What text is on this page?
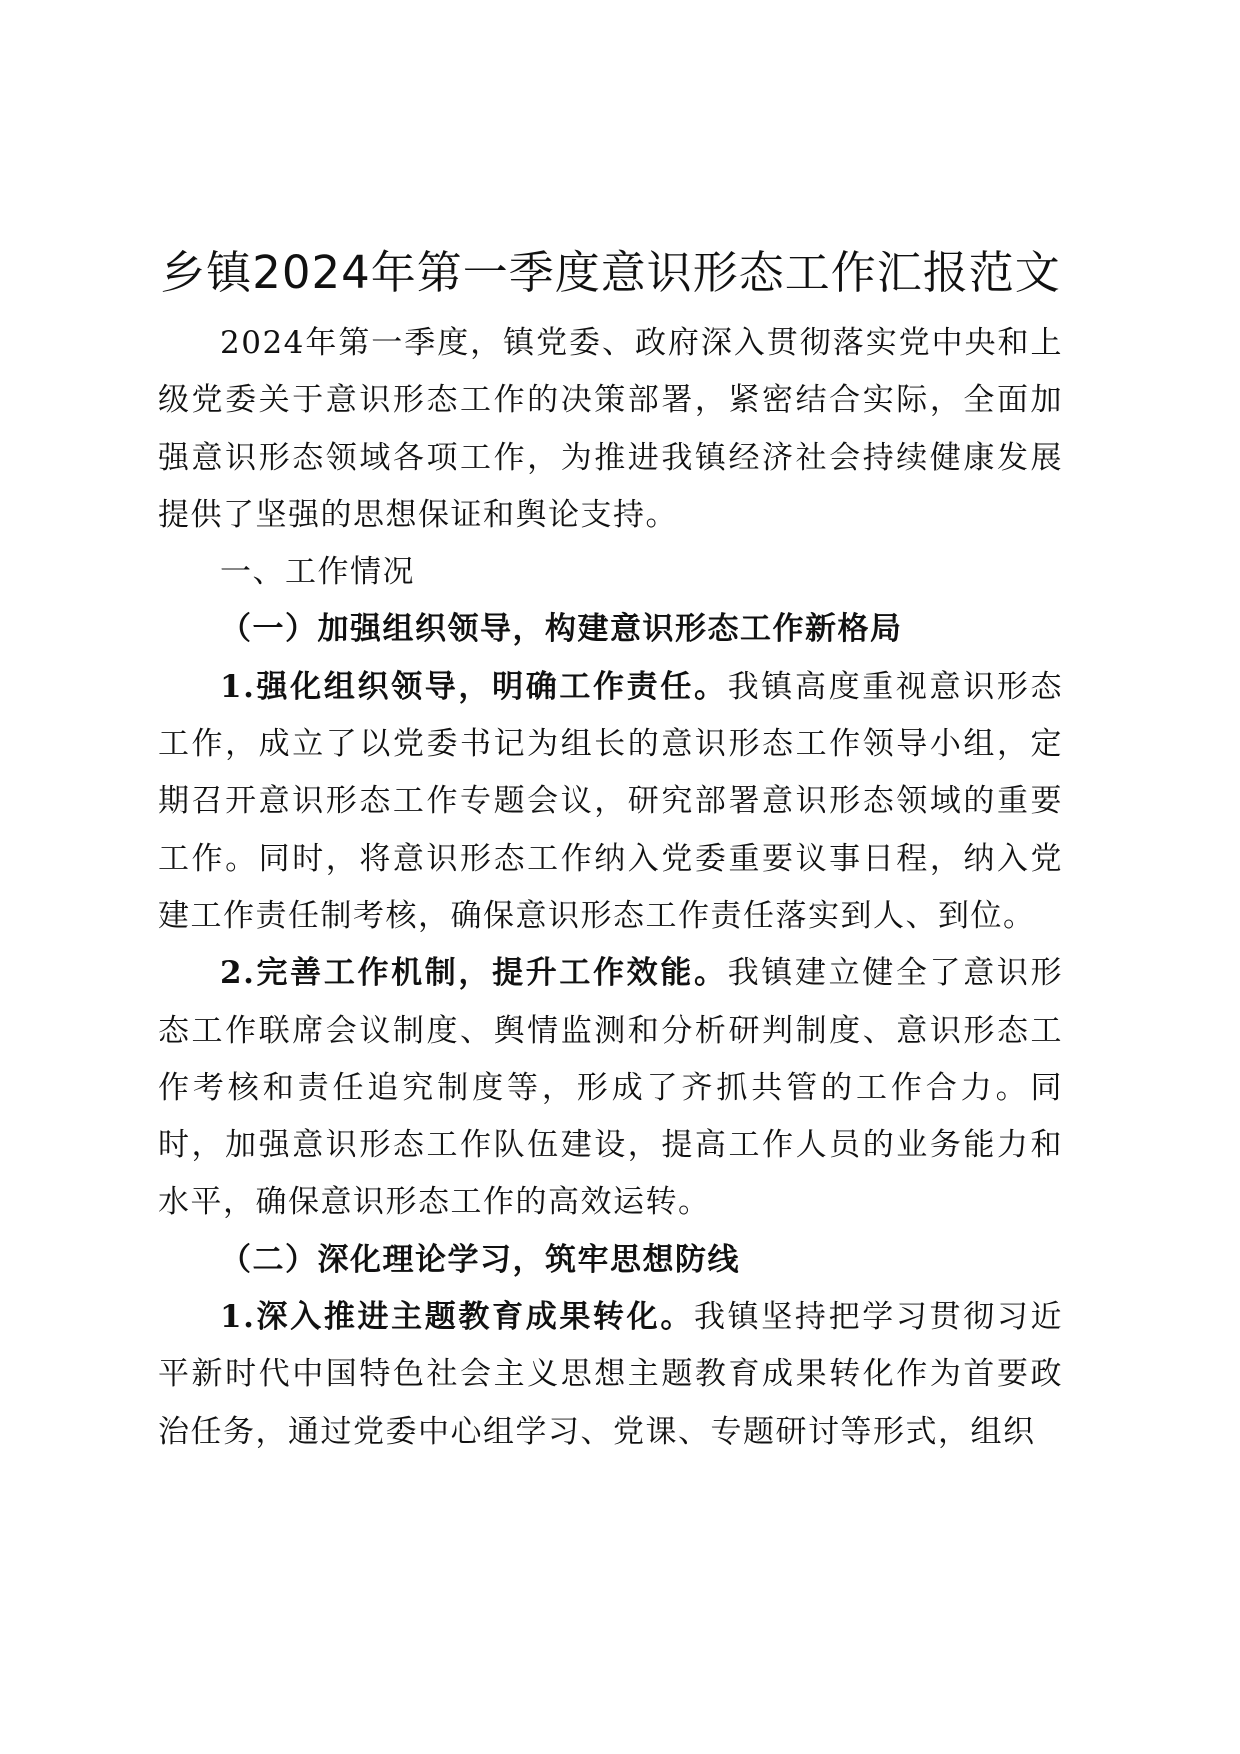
乡镇2024年第一季度意识形态工作汇报范文

2024年第一季度，镇党委、政府深入贯彻落实党中央和上级党委关于意识形态工作的决策部署，紧密结合实际，全面加强意识形态领域各项工作，为推进我镇经济社会持续健康发展提供了坚强的思想保证和舆论支持。

一、工作情况

（一）加强组织领导，构建意识形态工作新格局

1.强化组织领导，明确工作责任。我镇高度重视意识形态工作，成立了以党委书记为组长的意识形态工作领导小组，定期召开意识形态工作专题会议，研究部署意识形态领域的重要工作。同时，将意识形态工作纳入党委重要议事日程，纳入党建工作责任制考核，确保意识形态工作责任落实到人、到位。

2.完善工作机制，提升工作效能。我镇建立健全了意识形态工作联席会议制度、舆情监测和分析研判制度、意识形态工作考核和责任追究制度等，形成了齐抓共管的工作合力。同时，加强意识形态工作队伍建设，提高工作人员的业务能力和水平，确保意识形态工作的高效运转。

（二）深化理论学习，筑牢思想防线

1.深入推进主题教育成果转化。我镇坚持把学习贯彻习近平新时代中国特色社会主义思想主题教育成果转化作为首要政治任务，通过党委中心组学习、党课、专题研讨等形式，组织
